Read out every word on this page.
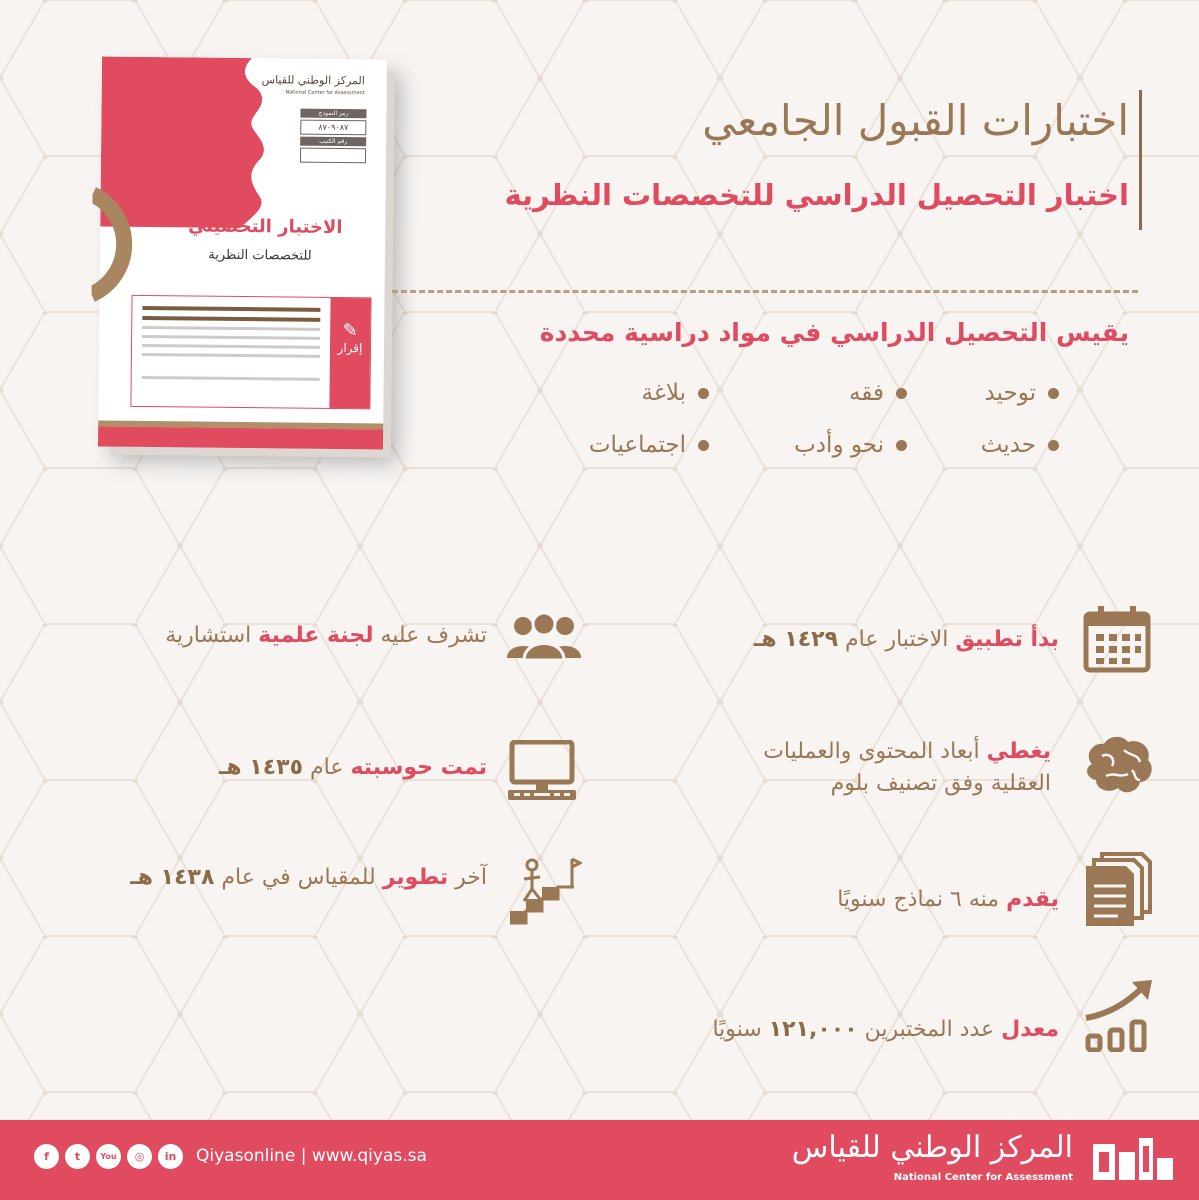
المركز الوطني للقياس
National Center for Assessment
رمز النموذج
٨٧٠٩٠٨٧
رقم الكتيب

الاختبار التحصيلي
للتخصصات النظرية
✎
إقرار
اختبارات القبول الجامعي
اختبار التحصيل الدراسي للتخصصات النظرية
يقيس التحصيل الدراسي في مواد دراسية محددة
توحيد
فقه
بلاغة
حديث
نحو وأدب
اجتماعيات
بدأ تطبيق الاختبار عام ١٤٢٩ هـ
تشرف عليه لجنة علمية استشارية
يغطي أبعاد المحتوى والعمليات
العقلية وفق تصنيف بلوم
تمت حوسبته عام ١٤٣٥ هـ
يقدم منه ٦ نماذج سنويًا
آخر تطوير للمقياس في عام ١٤٣٨ هـ
معدل عدد المختبرين ١٢١,٠٠٠ سنويًا
f	t	You	◎	in	Qiyasonline | www.qiyas.sa	المركز الوطني للقياس
National Center for Assessment
